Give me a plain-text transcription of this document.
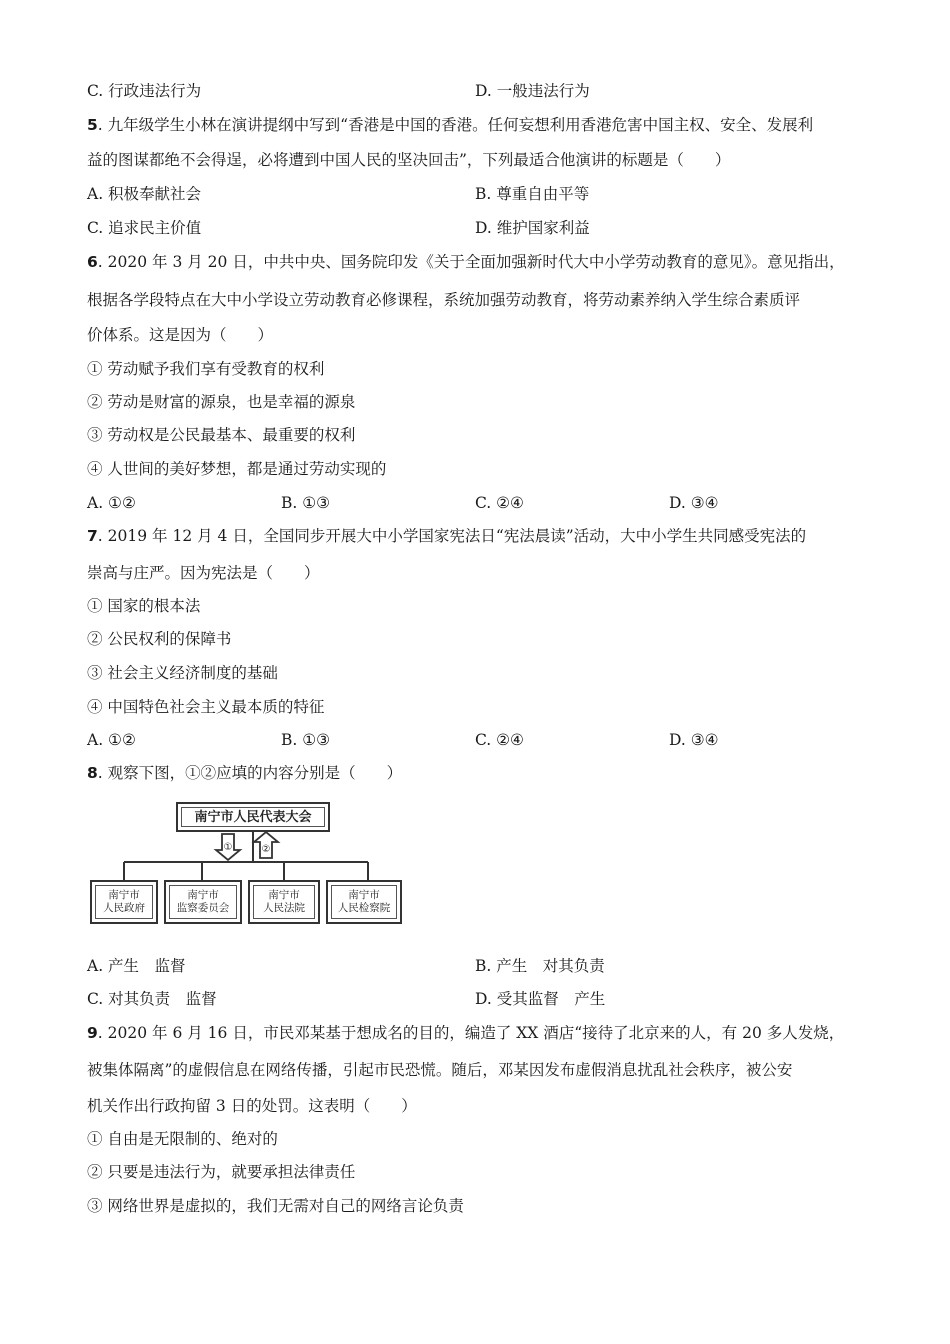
C. 行政违法行为	D. 一般违法行为
5. 九年级学生小林在演讲提纲中写到“香港是中国的香港。任何妄想利用香港危害中国主权、安全、发展利
益的图谋都绝不会得逞，必将遭到中国人民的坚决回击”，下列最适合他演讲的标题是（　　）
A. 积极奉献社会	B. 尊重自由平等
C. 追求民主价值	D. 维护国家利益
6. 2020 年 3 月 20 日，中共中央、国务院印发《关于全面加强新时代大中小学劳动教育的意见》。意见指出，
根据各学段特点在大中小学设立劳动教育必修课程，系统加强劳动教育，将劳动素养纳入学生综合素质评
价体系。这是因为（　　）
① 劳动赋予我们享有受教育的权利
② 劳动是财富的源泉，也是幸福的源泉
③ 劳动权是公民最基本、最重要的权利
④ 人世间的美好梦想，都是通过劳动实现的
A. ①②	B. ①③	C. ②④	D. ③④
7. 2019 年 12 月 4 日，全国同步开展大中小学国家宪法日“宪法晨读”活动，大中小学生共同感受宪法的
崇高与庄严。因为宪法是（　　）
① 国家的根本法
② 公民权利的保障书
③ 社会主义经济制度的基础
④ 中国特色社会主义最本质的特征
A. ①②	B. ①③	C. ②④	D. ③④
8. 观察下图，①②应填的内容分别是（　　）
①	②
南宁市人民代表大会
南宁市
人民政府
南宁市
监察委员会
南宁市
人民法院
南宁市
人民检察院
A. 产生　监督	B. 产生　对其负责
C. 对其负责　监督	D. 受其监督　产生
9. 2020 年 6 月 16 日，市民邓某基于想成名的目的，编造了 XX 酒店“接待了北京来的人，有 20 多人发烧，
被集体隔离”的虚假信息在网络传播，引起市民恐慌。随后，邓某因发布虚假消息扰乱社会秩序，被公安
机关作出行政拘留 3 日的处罚。这表明（　　）
① 自由是无限制的、绝对的
② 只要是违法行为，就要承担法律责任
③ 网络世界是虚拟的，我们无需对自己的网络言论负责
